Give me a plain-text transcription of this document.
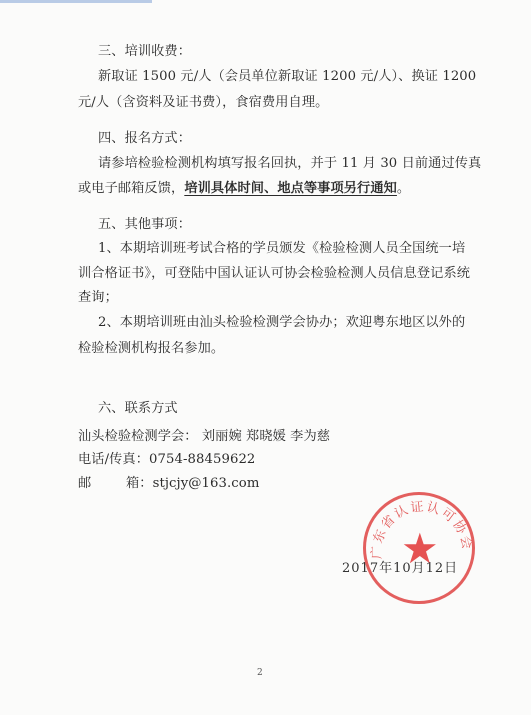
三、培训收费：
新取证 1500 元/人（会员单位新取证 1200 元/人）、换证 1200
元/人（含资料及证书费），食宿费用自理。
四、报名方式：
请参培检验检测机构填写报名回执，并于 11 月 30 日前通过传真
或电子邮箱反馈，培训具体时间、地点等事项另行通知。
五、其他事项：
1、本期培训班考试合格的学员颁发《检验检测人员全国统一培
训合格证书》，可登陆中国认证认可协会检验检测人员信息登记系统
查询；
2、本期培训班由汕头检验检测学会协办；欢迎粤东地区以外的
检验检测机构报名参加。
六、联系方式
汕头检验检测学会： 刘丽婉 郑晓媛 李为慈
电话/传真：0754-88459622
邮　　箱：stjcjy@163.com
2017年10月12日
广东省认证认可协会
★
2
